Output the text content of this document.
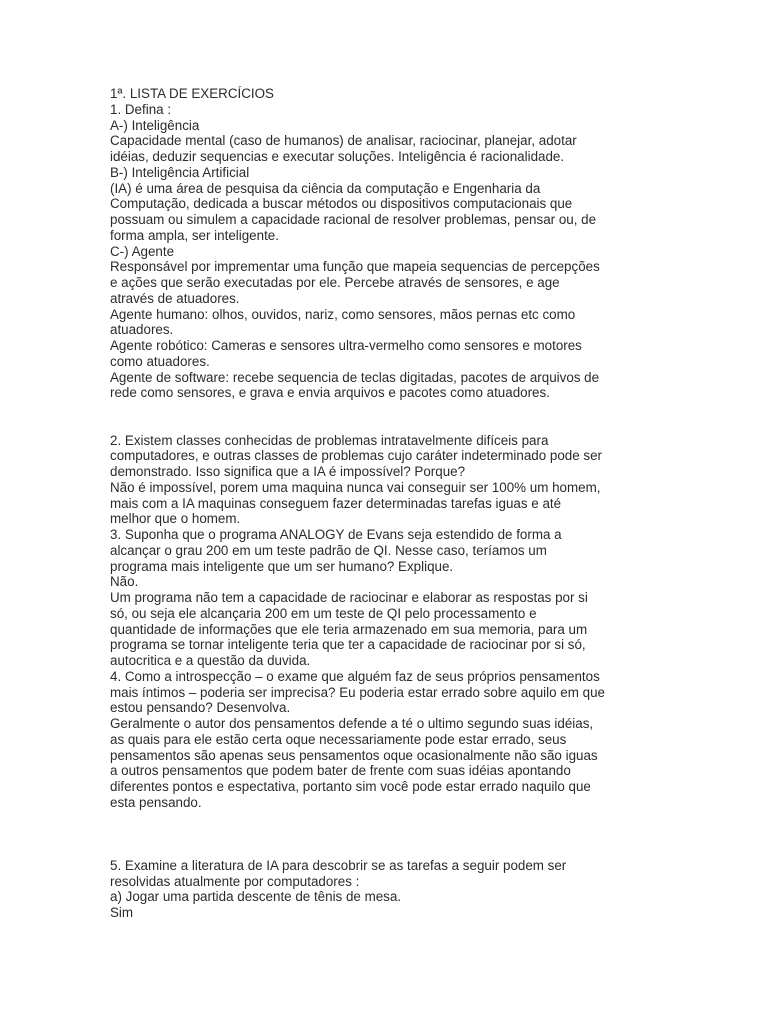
1ª. LISTA DE EXERCÍCIOS
1. Defina :
A-) Inteligência
Capacidade mental (caso de humanos) de analisar, raciocinar, planejar, adotar
idéias, deduzir sequencias e executar soluções. Inteligência é racionalidade.
B-) Inteligência Artificial
(IA) é uma área de pesquisa da ciência da computação e Engenharia da
Computação, dedicada a buscar métodos ou dispositivos computacionais que
possuam ou simulem a capacidade racional de resolver problemas, pensar ou, de
forma ampla, ser inteligente.
C-) Agente
Responsável por imprementar uma função que mapeia sequencias de percepções
e ações que serão executadas por ele. Percebe através de sensores, e age
através de atuadores.
Agente humano: olhos, ouvidos, nariz, como sensores, mãos pernas etc como
atuadores.
Agente robótico: Cameras e sensores ultra-vermelho como sensores e motores
como atuadores.
Agente de software: recebe sequencia de teclas digitadas, pacotes de arquivos de
rede como sensores, e grava e envia arquivos e pacotes como atuadores.
2. Existem classes conhecidas de problemas intratavelmente difíceis para
computadores, e outras classes de problemas cujo caráter indeterminado pode ser
demonstrado. Isso significa que a IA é impossível? Porque?
Não é impossível, porem uma maquina nunca vai conseguir ser 100% um homem,
mais com a IA maquinas conseguem fazer determinadas tarefas iguas e até
melhor que o homem.
3. Suponha que o programa ANALOGY de Evans seja estendido de forma a
alcançar o grau 200 em um teste padrão de QI. Nesse caso, teríamos um
programa mais inteligente que um ser humano? Explique.
Não.
Um programa não tem a capacidade de raciocinar e elaborar as respostas por si
só, ou seja ele alcançaria 200 em um teste de QI pelo processamento e
quantidade de informações que ele teria armazenado em sua memoria, para um
programa se tornar inteligente teria que ter a capacidade de raciocinar por si só,
autocritica e a questão da duvida.
4. Como a introspecção – o exame que alguém faz de seus próprios pensamentos
mais íntimos – poderia ser imprecisa? Eu poderia estar errado sobre aquilo em que
estou pensando? Desenvolva.
Geralmente o autor dos pensamentos defende a té o ultimo segundo suas idéias,
as quais para ele estão certa oque necessariamente pode estar errado, seus
pensamentos são apenas seus pensamentos oque ocasionalmente não são iguas
a outros pensamentos que podem bater de frente com suas idéias apontando
diferentes pontos e espectativa, portanto sim você pode estar errado naquilo que
esta pensando.
5. Examine a literatura de IA para descobrir se as tarefas a seguir podem ser
resolvidas atualmente por computadores :
a) Jogar uma partida descente de tênis de mesa.
Sim
